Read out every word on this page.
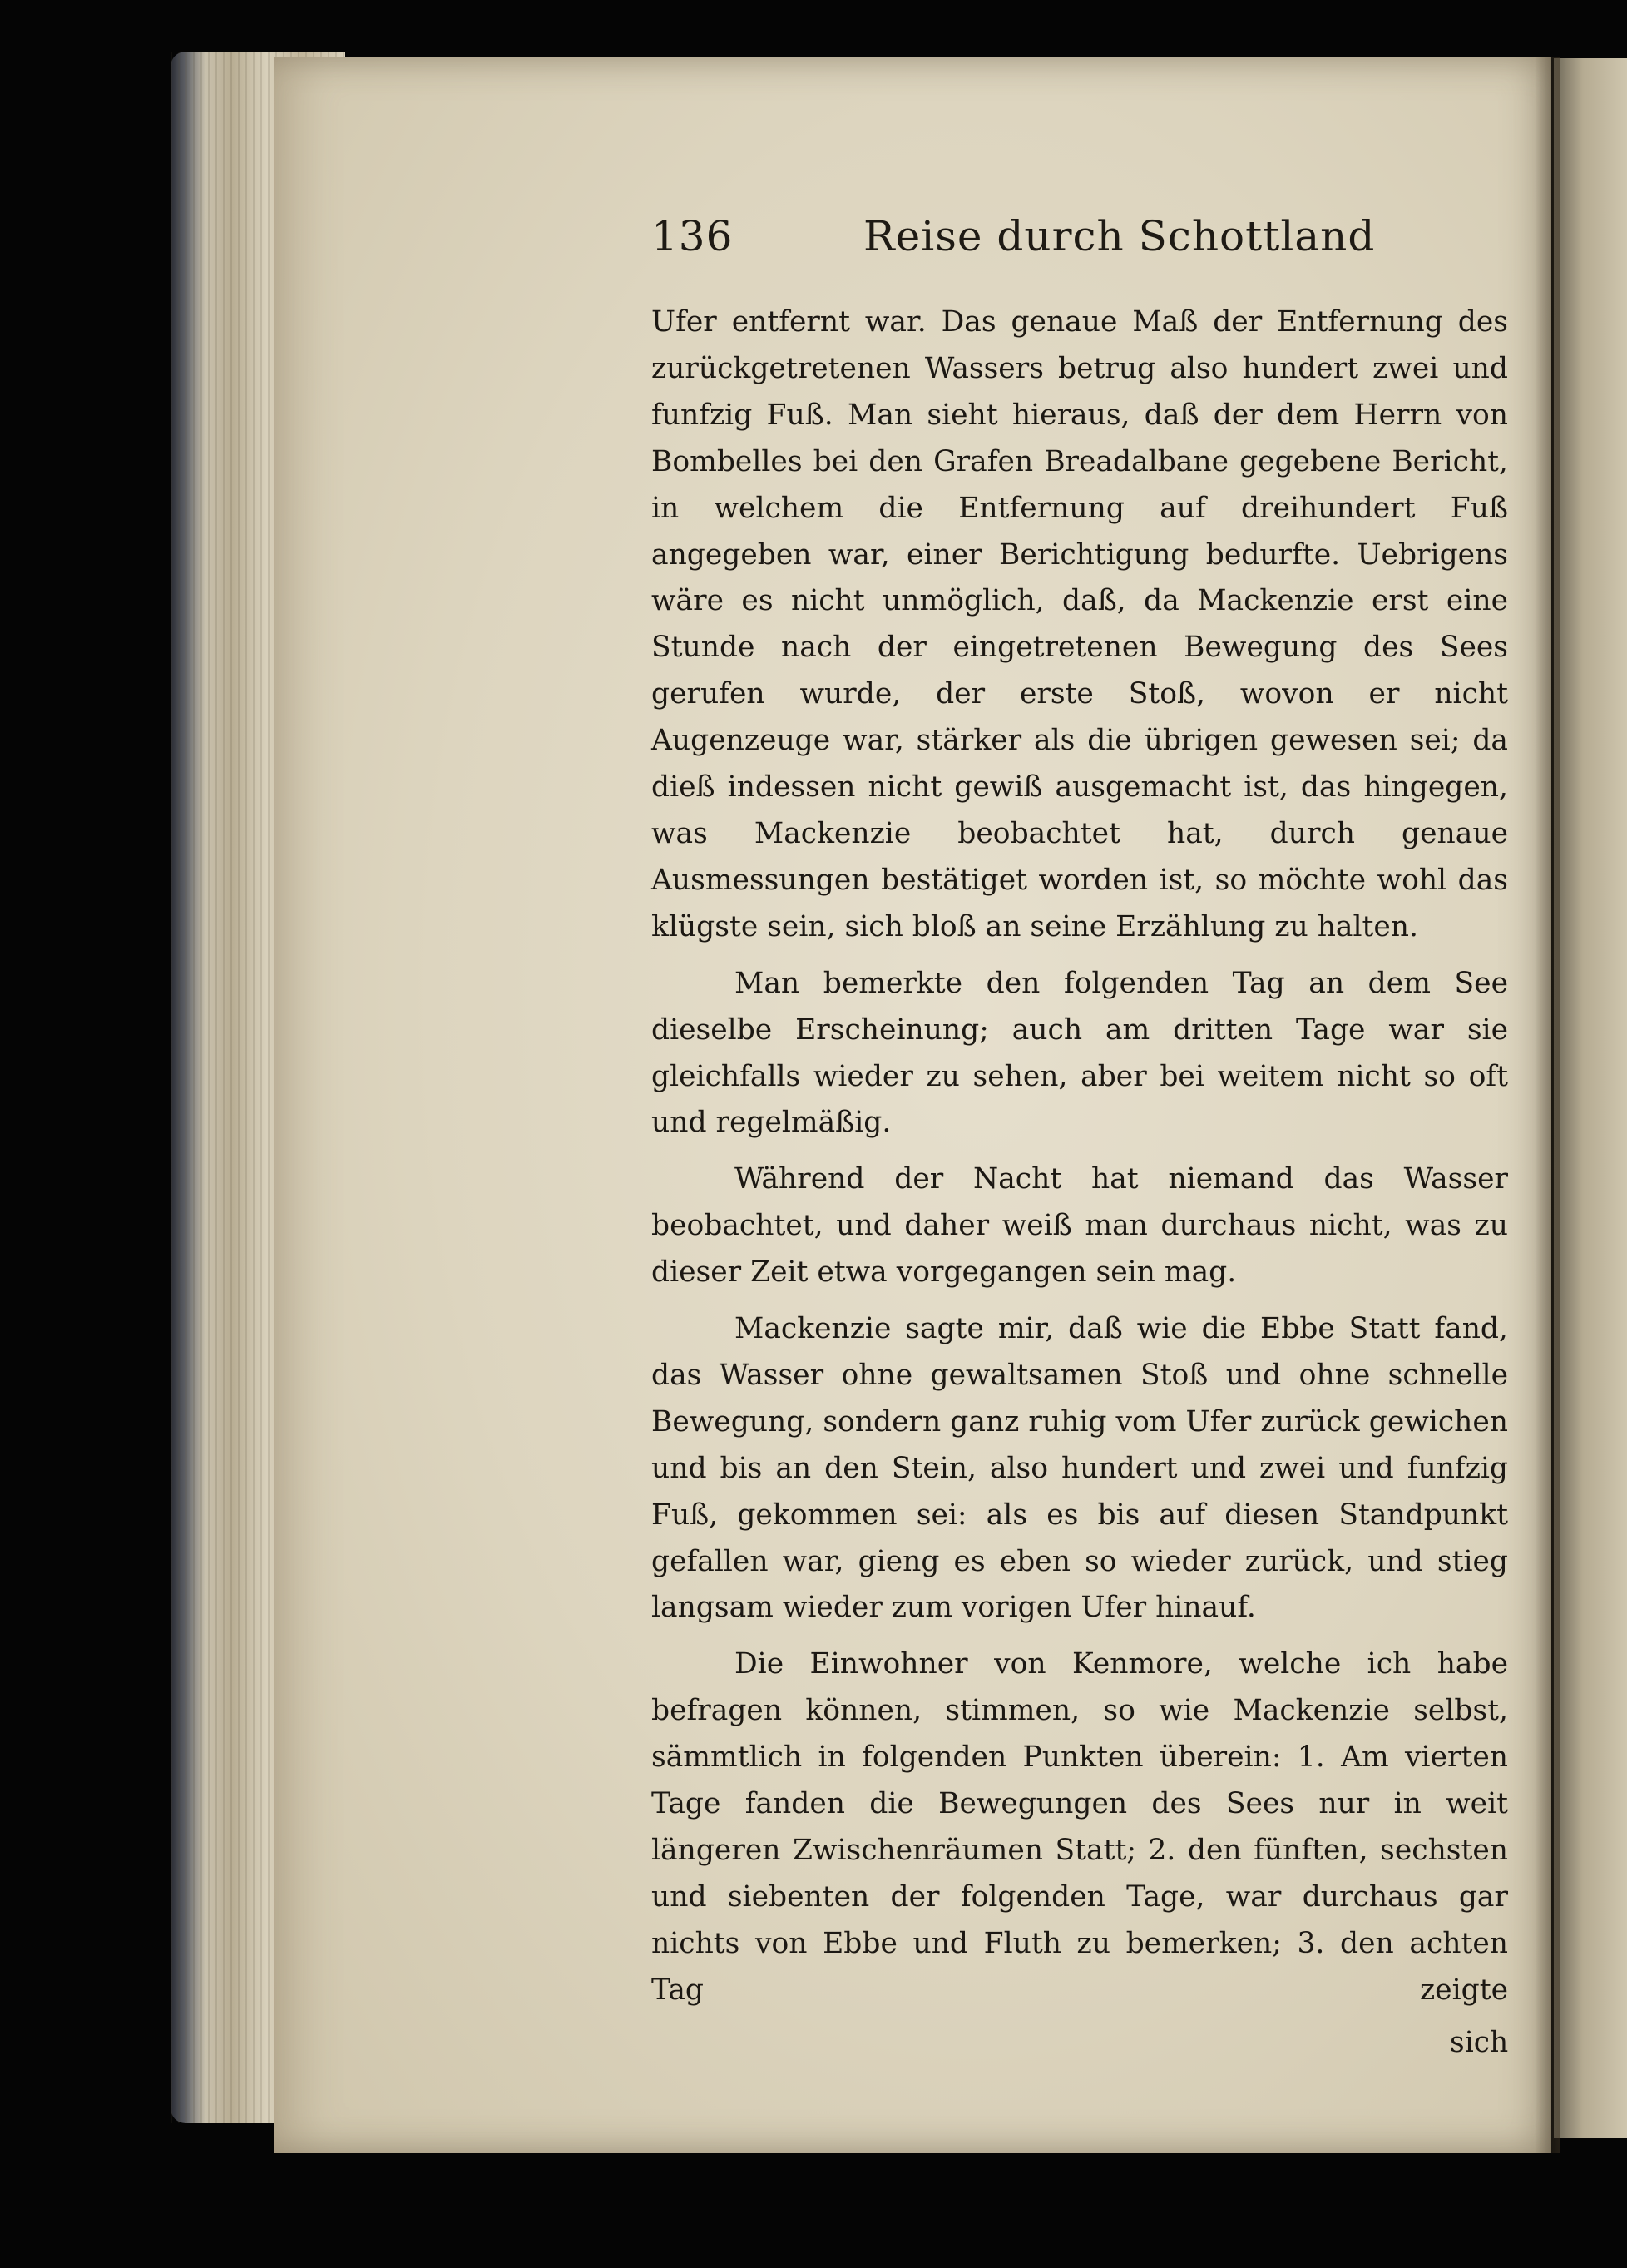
136	Reise durch Schottland

Ufer entfernt war. Das genaue Maß der Entfernung des zurückgetretenen Wassers betrug also hundert zwei und funfzig Fuß. Man sieht hieraus, daß der dem Herrn von Bombelles bei den Grafen Breadalbane gegebene Bericht, in welchem die Entfernung auf dreihundert Fuß angegeben war, einer Berichtigung bedurfte. Uebrigens wäre es nicht unmöglich, daß, da Mackenzie erst eine Stunde nach der eingetretenen Bewegung des Sees gerufen wurde, der erste Stoß, wovon er nicht Augenzeuge war, stärker als die übrigen gewesen sei; da dieß indessen nicht gewiß ausgemacht ist, das hingegen, was Mackenzie beobachtet hat, durch genaue Ausmessungen bestätiget worden ist, so möchte wohl das klügste sein, sich bloß an seine Erzählung zu halten.

Man bemerkte den folgenden Tag an dem See dieselbe Erscheinung; auch am dritten Tage war sie gleichfalls wieder zu sehen, aber bei weitem nicht so oft und regelmäßig.

Während der Nacht hat niemand das Wasser beobachtet, und daher weiß man durchaus nicht, was zu dieser Zeit etwa vorgegangen sein mag.

Mackenzie sagte mir, daß wie die Ebbe Statt fand, das Wasser ohne gewaltsamen Stoß und ohne schnelle Bewegung, sondern ganz ruhig vom Ufer zurück gewichen und bis an den Stein, also hundert und zwei und funfzig Fuß, gekommen sei: als es bis auf diesen Standpunkt gefallen war, gieng es eben so wieder zurück, und stieg langsam wieder zum vorigen Ufer hinauf.

Die Einwohner von Kenmore, welche ich habe befragen können, stimmen, so wie Mackenzie selbst, sämmtlich in folgenden Punkten überein: 1. Am vierten Tage fanden die Bewegungen des Sees nur in weit längeren Zwischenräumen Statt; 2. den fünften, sechsten und siebenten der folgenden Tage, war durchaus gar nichts von Ebbe und Fluth zu bemerken; 3. den achten Tag zeigte

sich
